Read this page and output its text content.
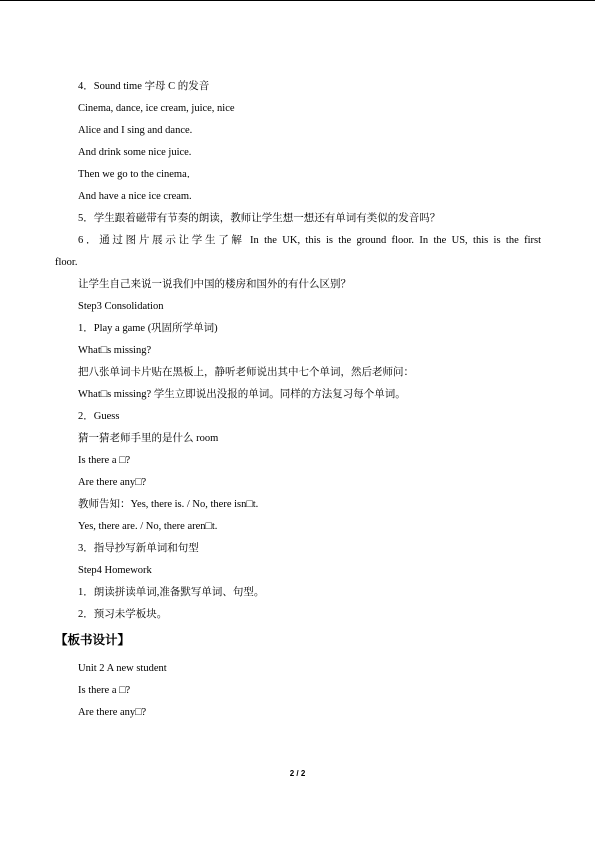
4．Sound time 字母 C 的发音
Cinema, dance, ice cream, juice, nice
Alice and I sing and dance.
And drink some nice juice.
Then we go to the cinema．
And have a nice ice cream.
5．学生跟着磁带有节奏的朗读，教师让学生想一想还有单词有类似的发音吗？
6．通过图片展示让学生了解 In the UK, this is the ground floor. In the US, this is the first
floor.
让学生自己来说一说我们中国的楼房和国外的有什么区别？
Step3 Consolidation
1．Play a game (巩固所学单词)
What□s missing?
把八张单词卡片贴在黑板上，静听老师说出其中七个单词，然后老师问：
What□s missing? 学生立即说出没报的单词。同样的方法复习每个单词。
2．Guess
猜一猜老师手里的是什么 room
Is there a □?
Are there any□?
教师告知：Yes, there is. / No, there isn□t.
Yes, there are. / No, there aren□t.
3．指导抄写新单词和句型
Step4 Homework
1．朗读拼读单词,准备默写单词、句型。
2．预习未学板块。
【板书设计】
Unit 2 A new student
Is there a □?
Are there any□?
2 / 2
